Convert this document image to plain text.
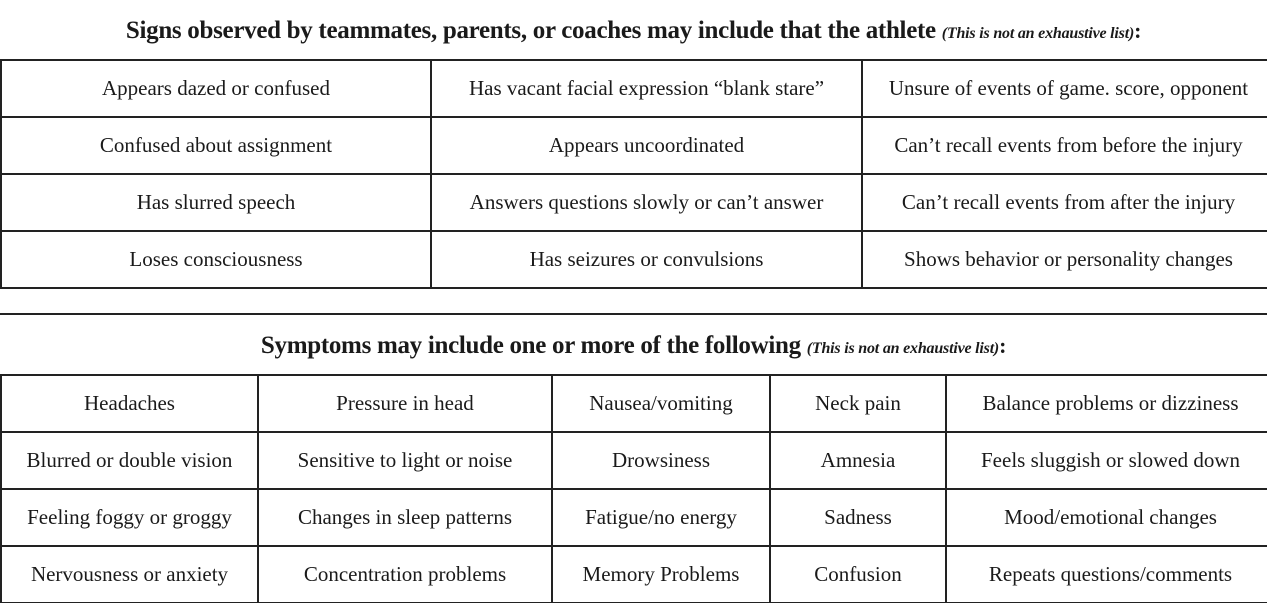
Signs observed by teammates, parents, or coaches may include that the athlete (This is not an exhaustive list):
Appears dazed or confused	Has vacant facial expression “blank stare”	Unsure of events of game. score, opponent
Confused about assignment	Appears uncoordinated	Can’t recall events from before the injury
Has slurred speech	Answers questions slowly or can’t answer	Can’t recall events from after the injury
Loses consciousness	Has seizures or convulsions	Shows behavior or personality changes
Symptoms may include one or more of the following (This is not an exhaustive list):
Headaches	Pressure in head	Nausea/vomiting	Neck pain	Balance problems or dizziness
Blurred or double vision	Sensitive to light or noise	Drowsiness	Amnesia	Feels sluggish or slowed down
Feeling foggy or groggy	Changes in sleep patterns	Fatigue/no energy	Sadness	Mood/emotional changes
Nervousness or anxiety	Concentration problems	Memory Problems	Confusion	Repeats questions/comments
